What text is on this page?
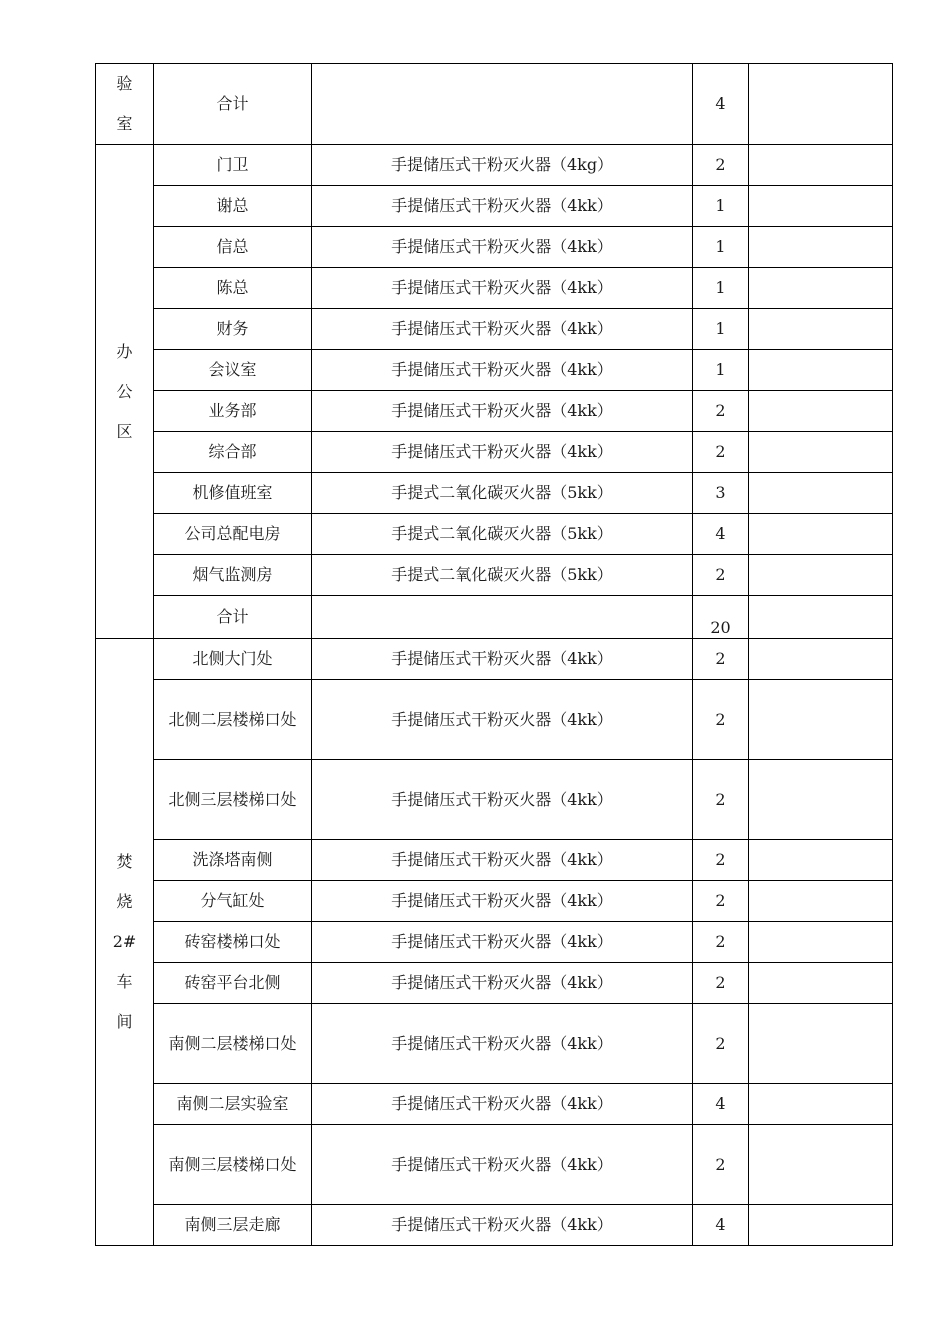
验
室	合计		4	

办
公
区	门卫	手提储压式干粉灭火器（4kg）	2	

	谢总	手提储压式干粉灭火器（4kk）	1	

	信总	手提储压式干粉灭火器（4kk）	1	

	陈总	手提储压式干粉灭火器（4kk）	1	

	财务	手提储压式干粉灭火器（4kk）	1	

	会议室	手提储压式干粉灭火器（4kk）	1	

	业务部	手提储压式干粉灭火器（4kk）	2	

	综合部	手提储压式干粉灭火器（4kk）	2	

	机修值班室	手提式二氧化碳灭火器（5kk）	3	

	公司总配电房	手提式二氧化碳灭火器（5kk）	4	

	烟气监测房	手提式二氧化碳灭火器（5kk）	2	

	合计		20	

焚
烧
2#
车
间	北侧大门处	手提储压式干粉灭火器（4kk）	2	

	北侧二层楼梯口处	手提储压式干粉灭火器（4kk）	2	

	北侧三层楼梯口处	手提储压式干粉灭火器（4kk）	2	

	洗涤塔南侧	手提储压式干粉灭火器（4kk）	2	

	分气缸处	手提储压式干粉灭火器（4kk）	2	

	砖窑楼梯口处	手提储压式干粉灭火器（4kk）	2	

	砖窑平台北侧	手提储压式干粉灭火器（4kk）	2	

	南侧二层楼梯口处	手提储压式干粉灭火器（4kk）	2	

	南侧二层实验室	手提储压式干粉灭火器（4kk）	4	

	南侧三层楼梯口处	手提储压式干粉灭火器（4kk）	2	

	南侧三层走廊	手提储压式干粉灭火器（4kk）	4	
